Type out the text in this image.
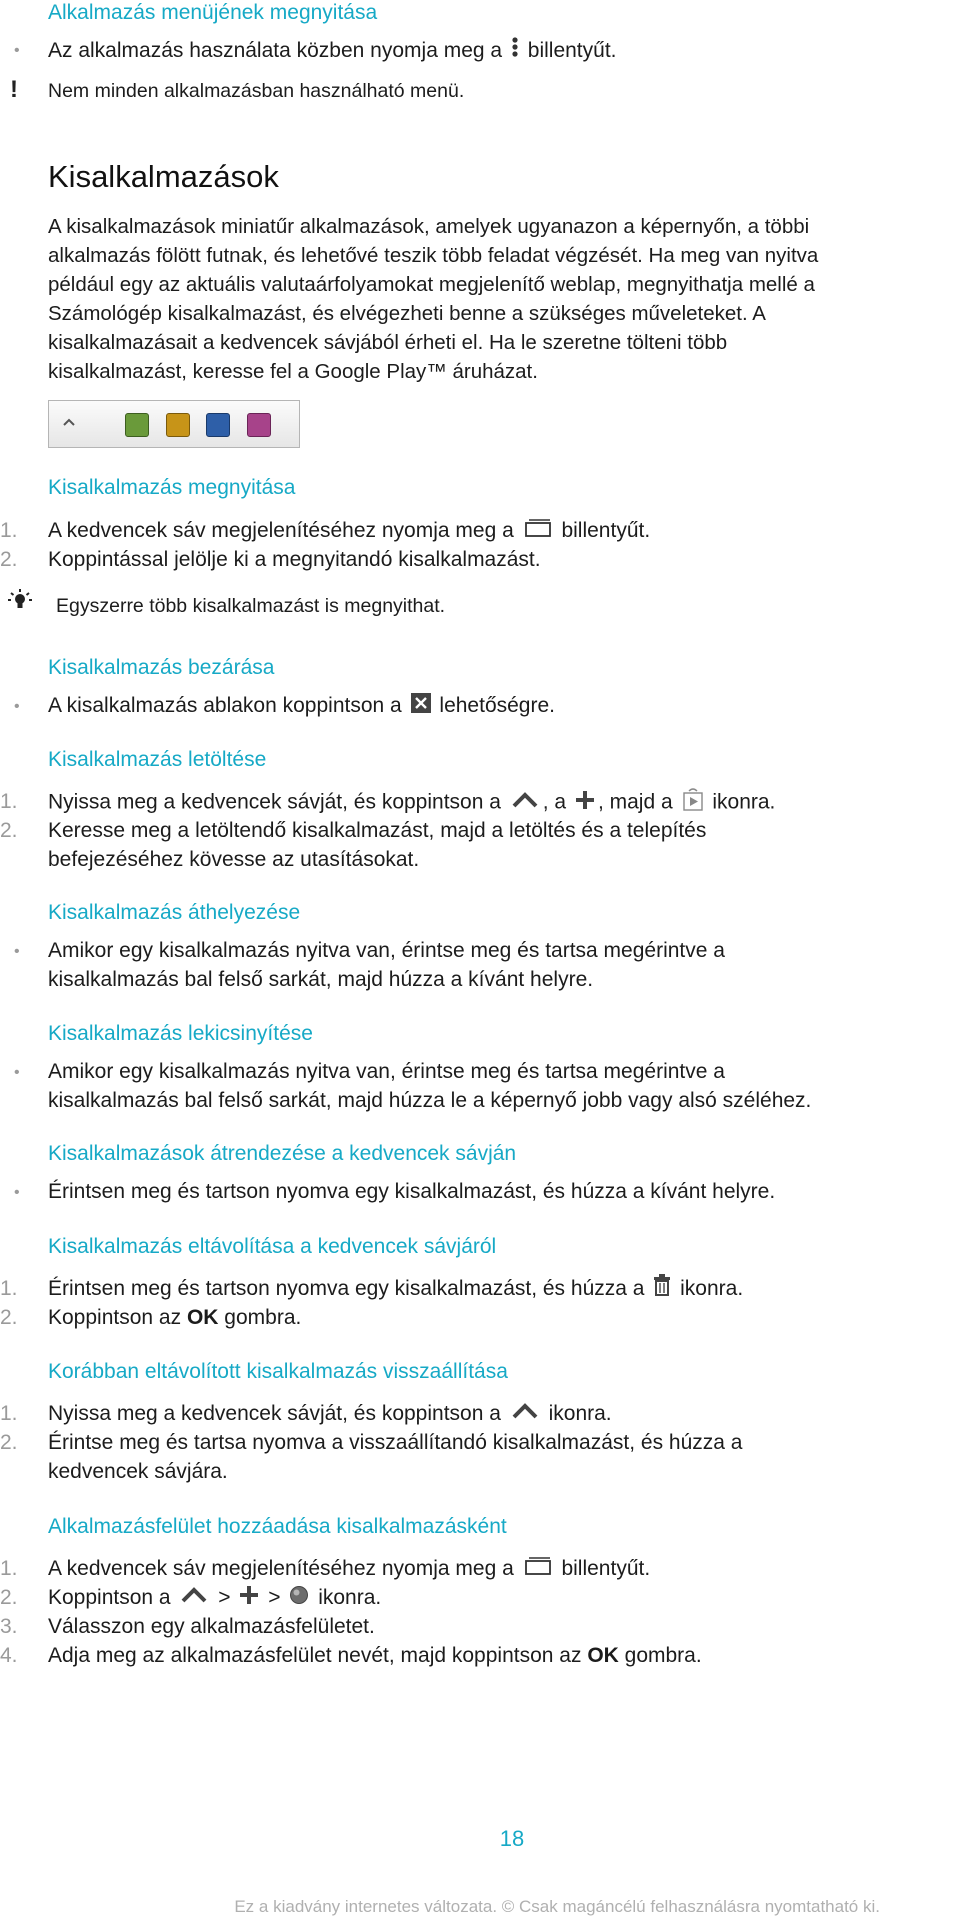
Alkalmazás menüjének megnyitása
•	Az alkalmazás használata közben nyomja meg a billentyűt.
!	Nem minden alkalmazásban használható menü.
Kisalkalmazások
A kisalkalmazások miniatűr alkalmazások, amelyek ugyanazon a képernyőn, a többi
alkalmazás fölött futnak, és lehetővé teszik több feladat végzését. Ha meg van nyitva
például egy az aktuális valutaárfolyamokat megjelenítő weblap, megnyithatja mellé a
Számológép kisalkalmazást, és elvégezheti benne a szükséges műveleteket. A
kisalkalmazásait a kedvencek sávjából érheti el. Ha le szeretne tölteni több
kisalkalmazást, keresse fel a Google Play™ áruházat.
Kisalkalmazás megnyitása
1.	A kedvencek sáv megjelenítéséhez nyomja meg a billentyűt.
2.	Koppintással jelölje ki a megnyitandó kisalkalmazást.
Egyszerre több kisalkalmazást is megnyithat.
Kisalkalmazás bezárása
•	A kisalkalmazás ablakon koppintson a lehetőségre.
Kisalkalmazás letöltése
1.	Nyissa meg a kedvencek sávját, és koppintson a , a , majd a ikonra.
2.	Keresse meg a letöltendő kisalkalmazást, majd a letöltés és a telepítés
befejezéséhez kövesse az utasításokat.
Kisalkalmazás áthelyezése
•	Amikor egy kisalkalmazás nyitva van, érintse meg és tartsa megérintve a
kisalkalmazás bal felső sarkát, majd húzza a kívánt helyre.
Kisalkalmazás lekicsinyítése
•	Amikor egy kisalkalmazás nyitva van, érintse meg és tartsa megérintve a
kisalkalmazás bal felső sarkát, majd húzza le a képernyő jobb vagy alsó széléhez.
Kisalkalmazások átrendezése a kedvencek sávján
•	Érintsen meg és tartson nyomva egy kisalkalmazást, és húzza a kívánt helyre.
Kisalkalmazás eltávolítása a kedvencek sávjáról
1.	Érintsen meg és tartson nyomva egy kisalkalmazást, és húzza a ikonra.
2.	Koppintson az OK gombra.
Korábban eltávolított kisalkalmazás visszaállítása
1.	Nyissa meg a kedvencek sávját, és koppintson a ikonra.
2.	Érintse meg és tartsa nyomva a visszaállítandó kisalkalmazást, és húzza a
kedvencek sávjára.
Alkalmazásfelület hozzáadása kisalkalmazásként
1.	A kedvencek sáv megjelenítéséhez nyomja meg a billentyűt.
2.	Koppintson a > > ikonra.
3.	Válasszon egy alkalmazásfelületet.
4.	Adja meg az alkalmazásfelület nevét, majd koppintson az OK gombra.
18
Ez a kiadvány internetes változata. © Csak magáncélú felhasználásra nyomtatható ki.
